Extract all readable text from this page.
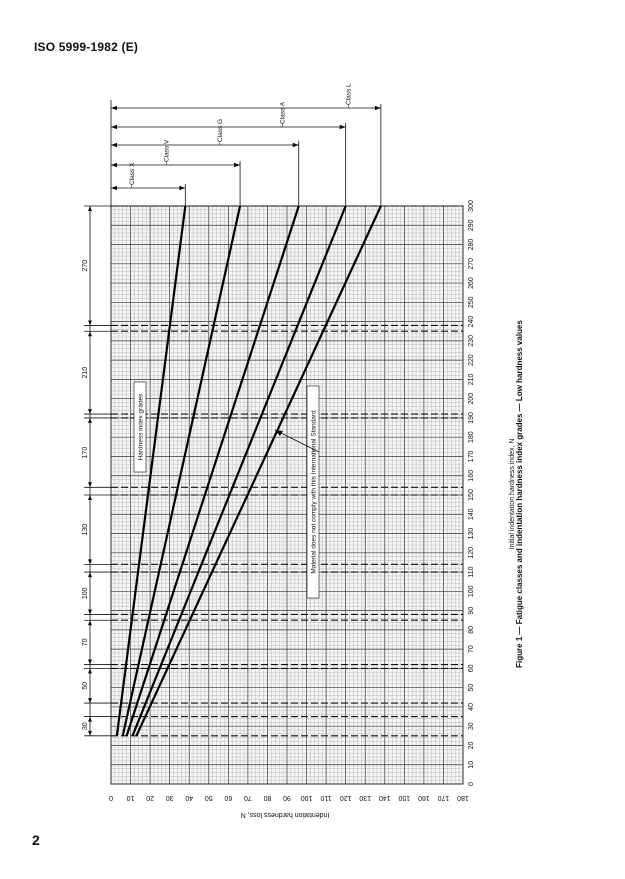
ISO 5999-1982 (E)
Class X
Class V
Class G
Class A
Class L
30
50
70
100
130
170
210
270
0
10
20
30
40
50
60
70
80
90
100
110
120
130
140
150
160
170
180
190
200
210
220
230
240
250
260
270
280
290
300
0 10 20 30 40 50 60 70 80 90 100 110 120 130 140 150 160 170 180
Initial indentation hardness index, N
Indentation hardness loss, N
Figure 1 — Fatigue classes and indentation hardness index grades — Low hardness values
Hardness index grades	Material does not comply with this International Standard
2
